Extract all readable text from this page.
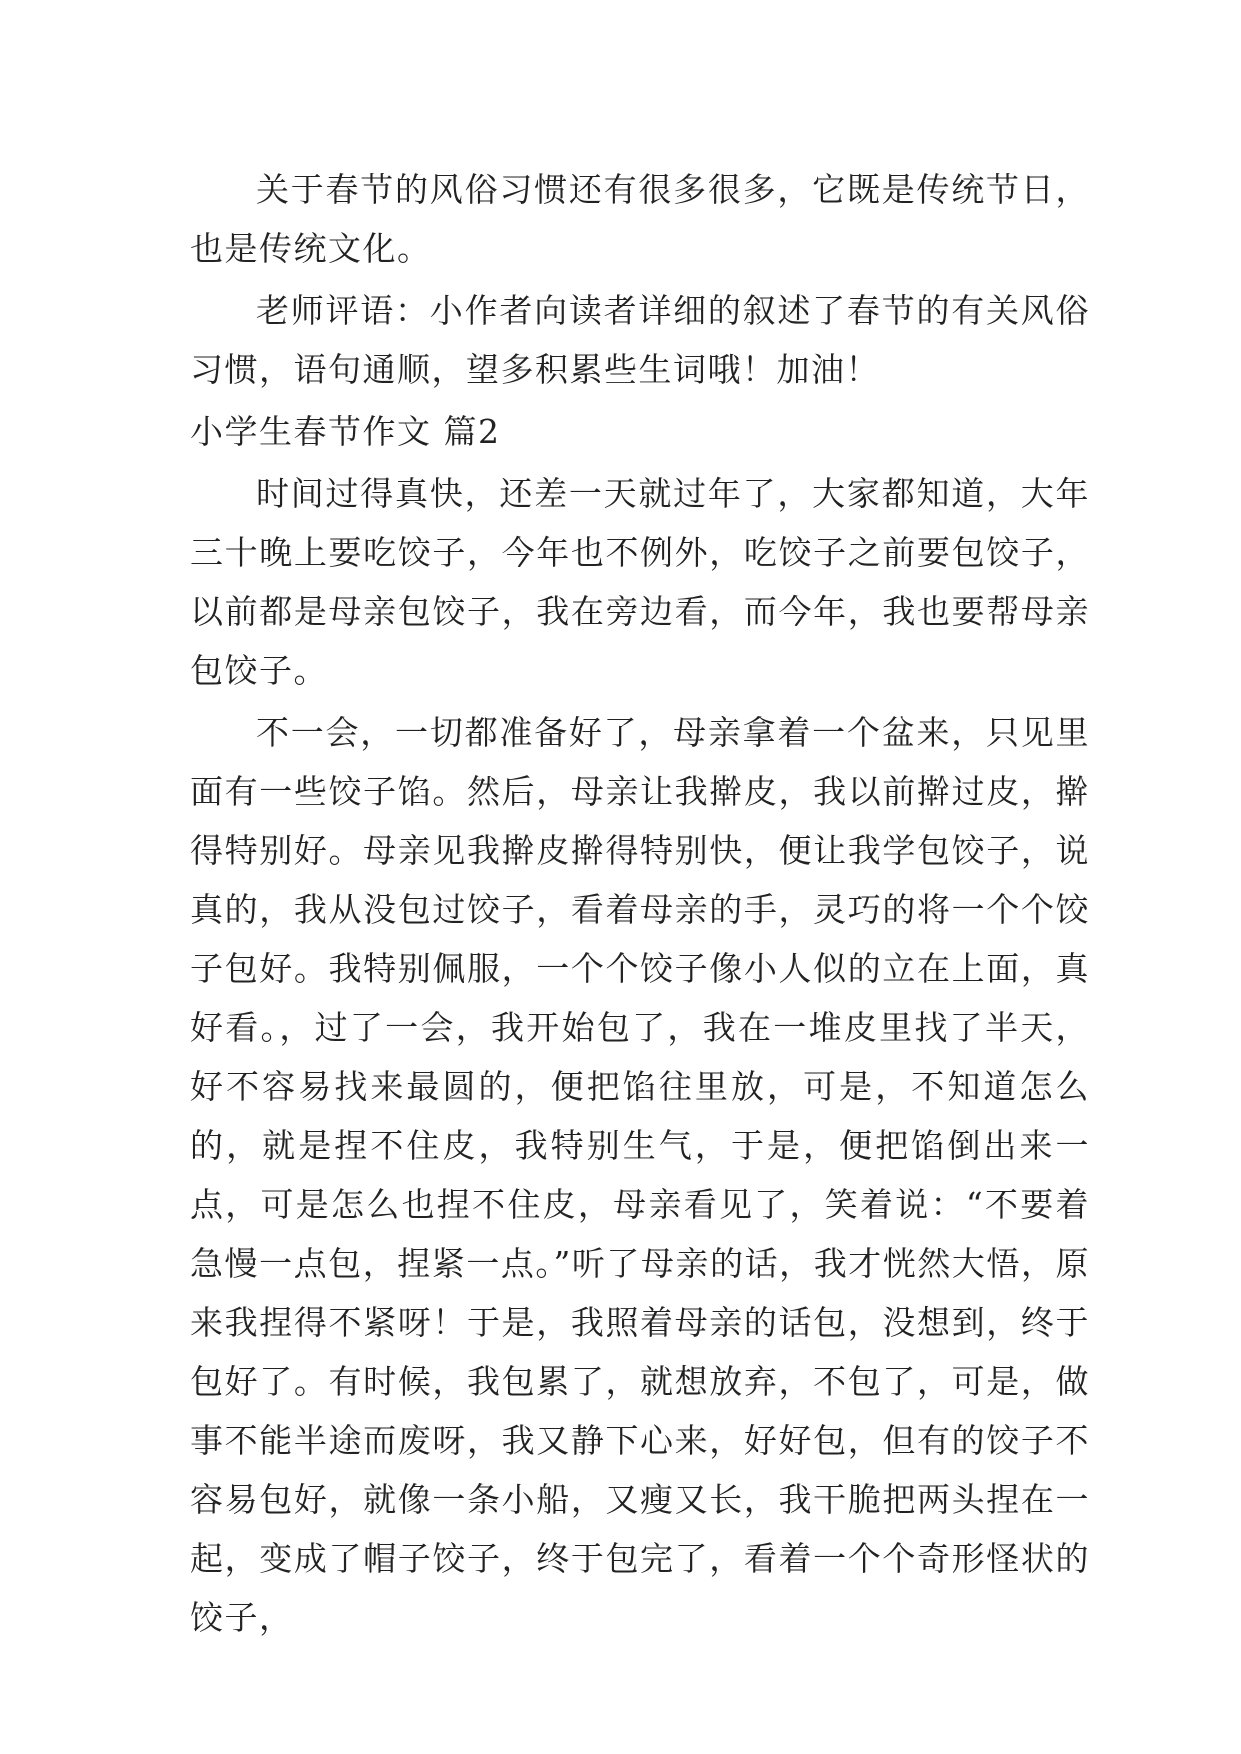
关于春节的风俗习惯还有很多很多，它既是传统节日，也是传统文化。

老师评语：小作者向读者详细的叙述了春节的有关风俗习惯，语句通顺，望多积累些生词哦！加油！

小学生春节作文 篇2

时间过得真快，还差一天就过年了，大家都知道，大年三十晚上要吃饺子，今年也不例外，吃饺子之前要包饺子，以前都是母亲包饺子，我在旁边看，而今年，我也要帮母亲包饺子。

不一会，一切都准备好了，母亲拿着一个盆来，只见里面有一些饺子馅。然后，母亲让我擀皮，我以前擀过皮，擀得特别好。母亲见我擀皮擀得特别快，便让我学包饺子，说真的，我从没包过饺子，看着母亲的手，灵巧的将一个个饺子包好。我特别佩服，一个个饺子像小人似的立在上面，真好看。，过了一会，我开始包了，我在一堆皮里找了半天，好不容易找来最圆的，便把馅往里放，可是，不知道怎么的，就是捏不住皮，我特别生气，于是，便把馅倒出来一点，可是怎么也捏不住皮，母亲看见了，笑着说：“不要着急慢一点包，捏紧一点。”听了母亲的话，我才恍然大悟，原来我捏得不紧呀！于是，我照着母亲的话包，没想到，终于包好了。有时候，我包累了，就想放弃，不包了，可是，做事不能半途而废呀，我又静下心来，好好包，但有的饺子不容易包好，就像一条小船，又瘦又长，我干脆把两头捏在一起，变成了帽子饺子，终于包完了，看着一个个奇形怪状的饺子，
